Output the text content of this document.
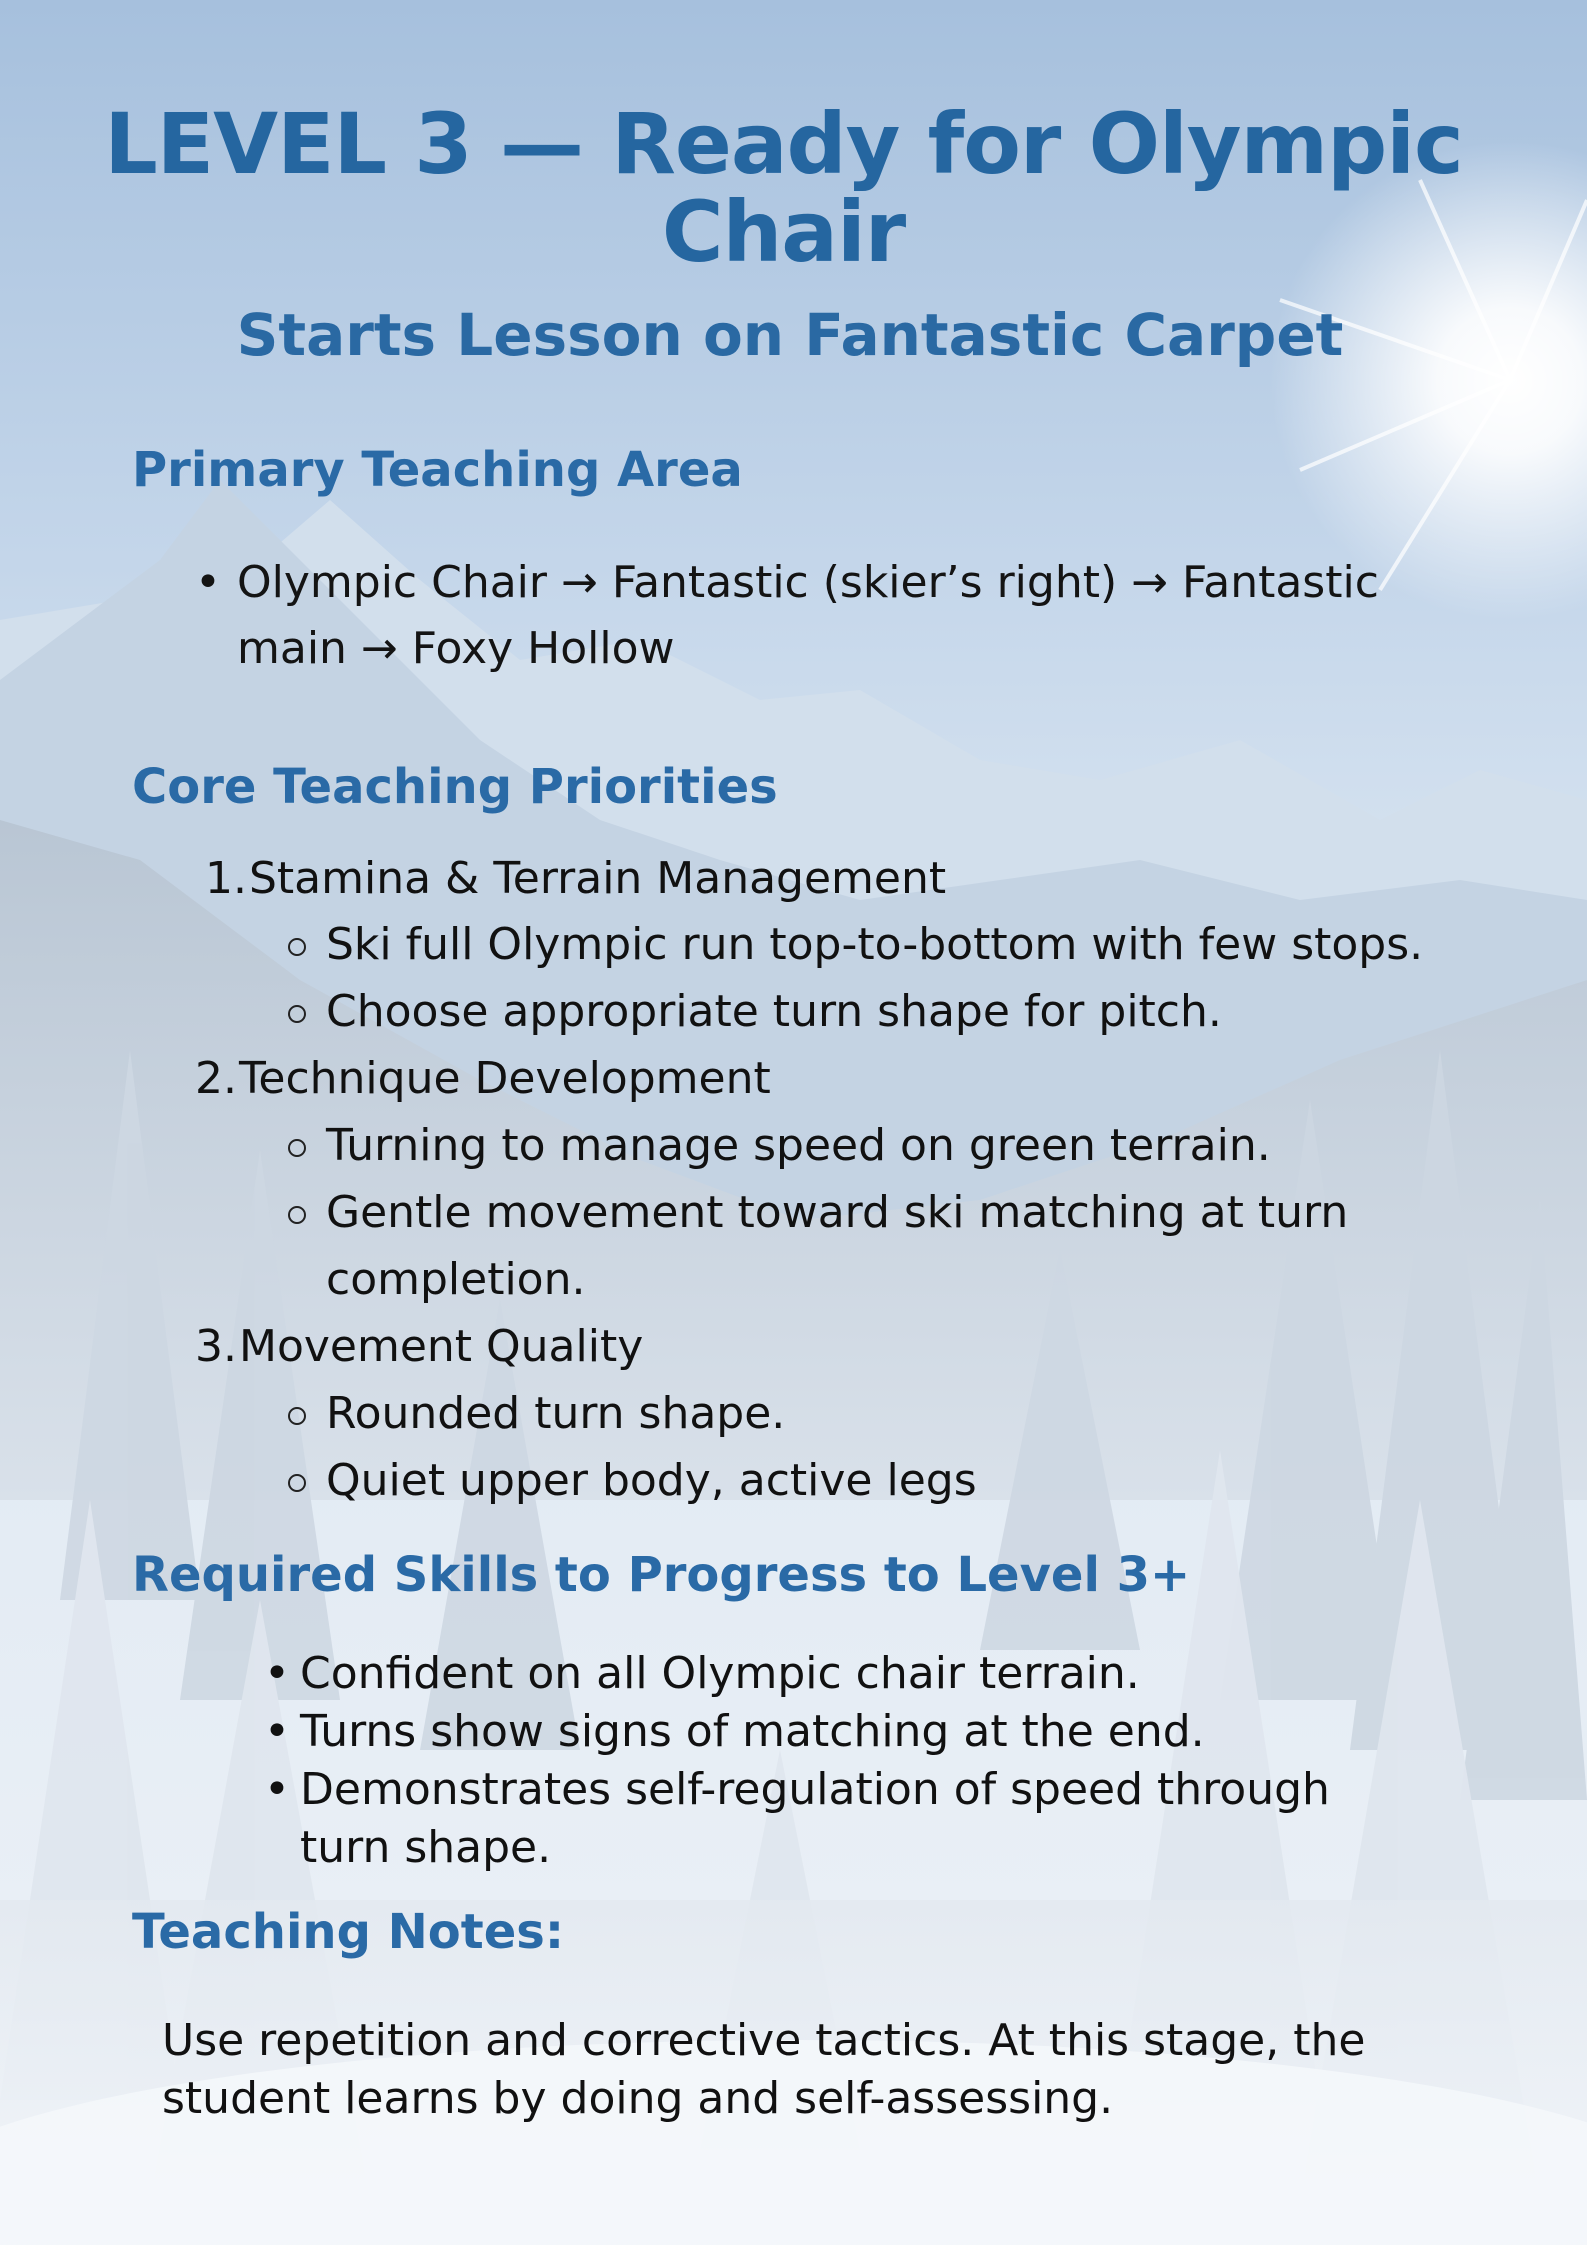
LEVEL 3 — Ready for Olympic
Chair
Starts Lesson on Fantastic Carpet
Primary Teaching Area
• Olympic Chair → Fantastic (skier’s right) → Fantastic
main → Foxy Hollow
Core Teaching Priorities
1.Stamina & Terrain Management
Ski full Olympic run top-to-bottom with few stops.
Choose appropriate turn shape for pitch.
2.Technique Development
Turning to manage speed on green terrain.
Gentle movement toward ski matching at turn
completion.
3.Movement Quality
Rounded turn shape.
Quiet upper body, active legs
Required Skills to Progress to Level 3+
• Confident on all Olympic chair terrain.
• Turns show signs of matching at the end.
• Demonstrates self-regulation of speed through
turn shape.
Teaching Notes:
Use repetition and corrective tactics. At this stage, the
student learns by doing and self-assessing.
